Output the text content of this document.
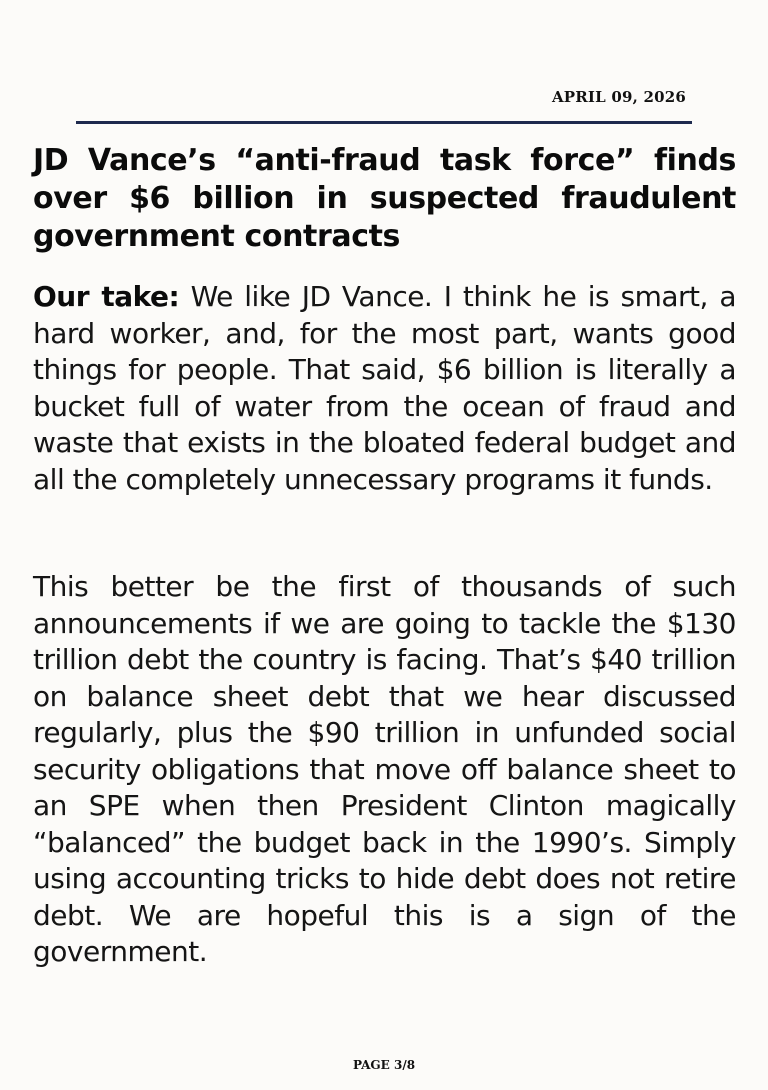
APRIL 09, 2026
JD Vance’s “anti-fraud task force” finds over $6 billion in suspected fraudulent government contracts

Our take: We like JD Vance. I think he is smart, a hard worker, and, for the most part, wants good things for people. That said, $6 billion is literally a bucket full of water from the ocean of fraud and waste that exists in the bloated federal budget and all the completely unnecessary programs it funds.

This better be the first of thousands of such announcements if we are going to tackle the $130 trillion debt the country is facing. That’s $40 trillion on balance sheet debt that we hear discussed regularly, plus the $90 trillion in unfunded social security obligations that move off balance sheet to an SPE when then President Clinton magically “balanced” the budget back in the 1990’s. Simply using accounting tricks to hide debt does not retire debt. We are hopeful this is a sign of the government.

PAGE 3/8
